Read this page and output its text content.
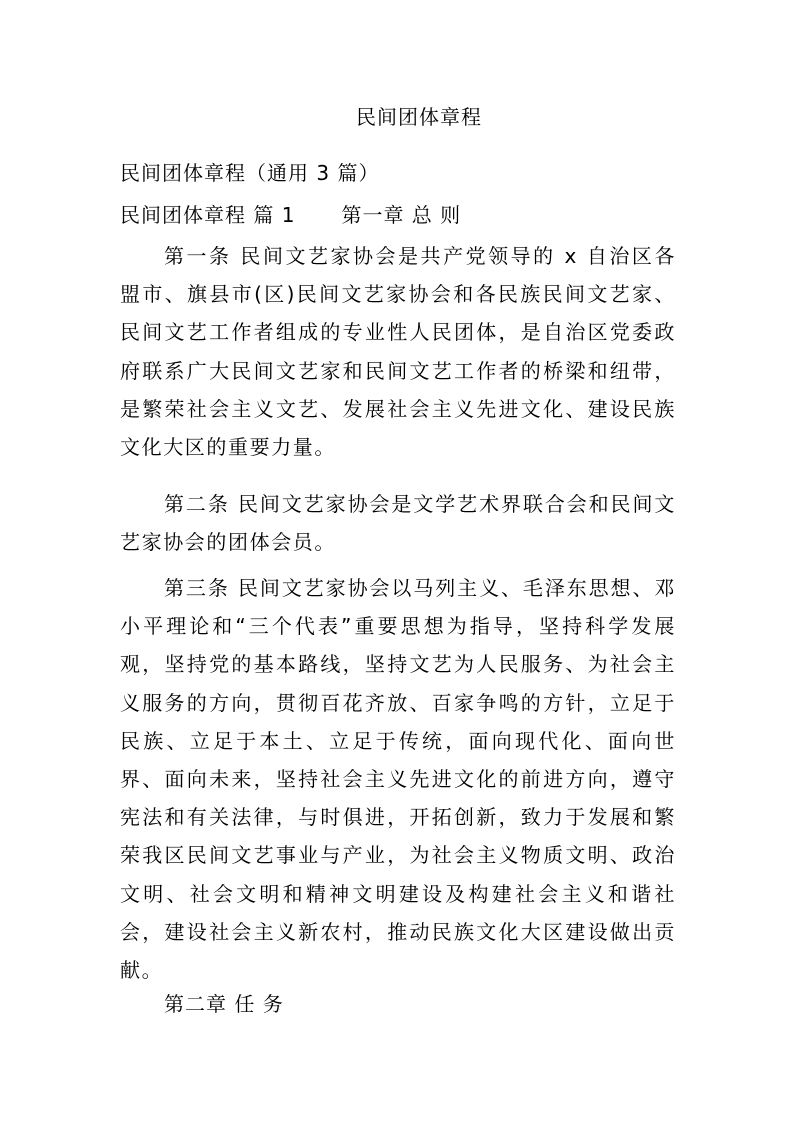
民间团体章程
民间团体章程（通用 3 篇）
民间团体章程 篇 1 第一章 总 则

第一条 民间文艺家协会是共产党领导的 x 自治区各盟市、旗县市(区)民间文艺家协会和各民族民间文艺家、民间文艺工作者组成的专业性人民团体，是自治区党委政府联系广大民间文艺家和民间文艺工作者的桥梁和纽带，是繁荣社会主义文艺、发展社会主义先进文化、建设民族文化大区的重要力量。

第二条 民间文艺家协会是文学艺术界联合会和民间文艺家协会的团体会员。

第三条 民间文艺家协会以马列主义、毛泽东思想、邓小平理论和“三个代表”重要思想为指导，坚持科学发展观，坚持党的基本路线，坚持文艺为人民服务、为社会主义服务的方向，贯彻百花齐放、百家争鸣的方针，立足于民族、立足于本土、立足于传统，面向现代化、面向世界、面向未来，坚持社会主义先进文化的前进方向，遵守宪法和有关法律，与时俱进，开拓创新，致力于发展和繁荣我区民间文艺事业与产业，为社会主义物质文明、政治文明、社会文明和精神文明建设及构建社会主义和谐社会，建设社会主义新农村，推动民族文化大区建设做出贡献。

第二章 任 务
